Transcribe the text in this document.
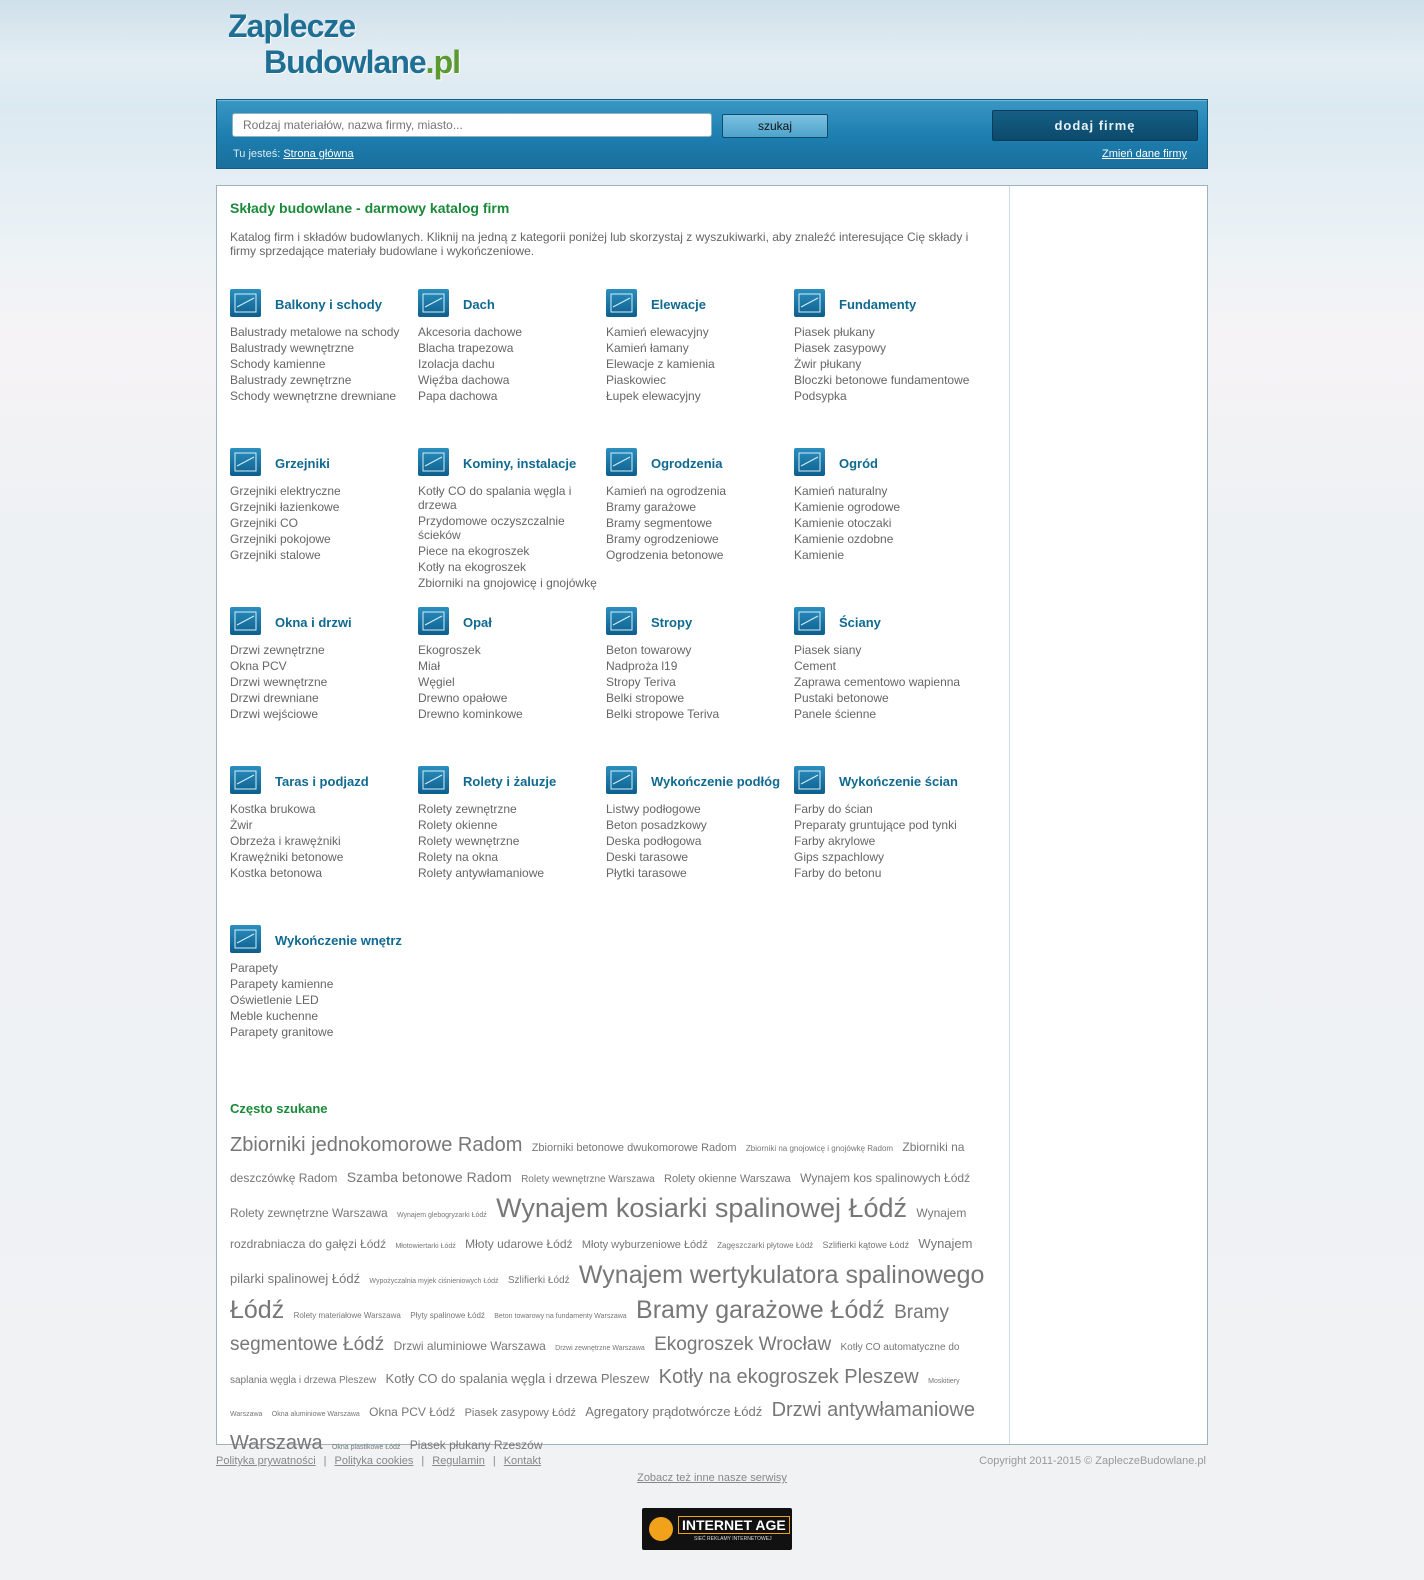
Zaplecze
Budowlane.pl
Rodzaj materiałów, nazwa firmy, miasto...
szukaj	dodaj firmę
Tu jesteś: Strona główna	Zmień dane firmy
Składy budowlane - darmowy katalog firm
Katalog firm i składów budowlanych. Kliknij na jedną z kategorii poniżej lub skorzystaj z wyszukiwarki, aby znaleźć interesujące Cię składy i firmy sprzedające materiały budowlane i wykończeniowe.
Balkony i schody
Balustrady metalowe na schody
Balustrady wewnętrzne
Schody kamienne
Balustrady zewnętrzne
Schody wewnętrzne drewniane
Dach
Akcesoria dachowe
Blacha trapezowa
Izolacja dachu
Więźba dachowa
Papa dachowa
Elewacje
Kamień elewacyjny
Kamień łamany
Elewacje z kamienia
Piaskowiec
Łupek elewacyjny
Fundamenty
Piasek płukany
Piasek zasypowy
Żwir płukany
Bloczki betonowe fundamentowe
Podsypka
Grzejniki
Grzejniki elektryczne
Grzejniki łazienkowe
Grzejniki CO
Grzejniki pokojowe
Grzejniki stalowe
Kominy, instalacje
Kotły CO do spalania węgla i drzewa
Przydomowe oczyszczalnie ścieków
Piece na ekogroszek
Kotły na ekogroszek
Zbiorniki na gnojowicę i gnojówkę
Ogrodzenia
Kamień na ogrodzenia
Bramy garażowe
Bramy segmentowe
Bramy ogrodzeniowe
Ogrodzenia betonowe
Ogród
Kamień naturalny
Kamienie ogrodowe
Kamienie otoczaki
Kamienie ozdobne
Kamienie
Okna i drzwi
Drzwi zewnętrzne
Okna PCV
Drzwi wewnętrzne
Drzwi drewniane
Drzwi wejściowe
Opał
Ekogroszek
Miał
Węgiel
Drewno opałowe
Drewno kominkowe
Stropy
Beton towarowy
Nadproża l19
Stropy Teriva
Belki stropowe
Belki stropowe Teriva
Ściany
Piasek siany
Cement
Zaprawa cementowo wapienna
Pustaki betonowe
Panele ścienne
Taras i podjazd
Kostka brukowa
Żwir
Obrzeża i krawężniki
Krawężniki betonowe
Kostka betonowa
Rolety i żaluzje
Rolety zewnętrzne
Rolety okienne
Rolety wewnętrzne
Rolety na okna
Rolety antywłamaniowe
Wykończenie podłóg
Listwy podłogowe
Beton posadzkowy
Deska podłogowa
Deski tarasowe
Płytki tarasowe
Wykończenie ścian
Farby do ścian
Preparaty gruntujące pod tynki
Farby akrylowe
Gips szpachlowy
Farby do betonu
Wykończenie wnętrz
Parapety
Parapety kamienne
Oświetlenie LED
Meble kuchenne
Parapety granitowe
Często szukane
Zbiorniki jednokomorowe Radom Zbiorniki betonowe dwukomorowe Radom Zbiorniki na gnojowicę i gnojówkę Radom Zbiorniki na deszczówkę Radom Szamba betonowe Radom Rolety wewnętrzne Warszawa Rolety okienne Warszawa Wynajem kos spalinowych Łódź Rolety zewnętrzne Warszawa Wynajem glebogryzarki Łódź Wynajem kosiarki spalinowej Łódź Wynajem rozdrabniacza do gałęzi Łódź Młotowiertarki Łódź Młoty udarowe Łódź Młoty wyburzeniowe Łódź Zagęszczarki płytowe Łódź Szlifierki kątowe Łódź Wynajem pilarki spalinowej Łódź Wypożyczalnia myjek ciśnieniowych Łódź Szlifierki Łódź Wynajem wertykulatora spalinowego Łódź Rolety materiałowe Warszawa Płyty spalinowe Łódź Beton towarowy na fundamenty Warszawa Bramy garażowe Łódź Bramy segmentowe Łódź Drzwi aluminiowe Warszawa Drzwi zewnętrzne Warszawa Ekogroszek Wrocław Kotły CO automatyczne do saplania węgla i drzewa Pleszew Kotły CO do spalania węgla i drzewa Pleszew Kotły na ekogroszek Pleszew Moskitiery Warszawa Okna aluminiowe Warszawa Okna PCV Łódź Piasek zasypowy Łódź Agregatory prądotwórcze Łódź Drzwi antywłamaniowe Warszawa Okna plastikowe Łódź Piasek płukany Rzeszów
Polityka prywatności | Polityka cookies | Regulamin | Kontakt	Copyright 2011-2015 © ZapleczeBudowlane.pl
Zobacz też inne nasze serwisy
INTERNET AGE
SIEĆ REKLAMY INTERNETOWEJ
